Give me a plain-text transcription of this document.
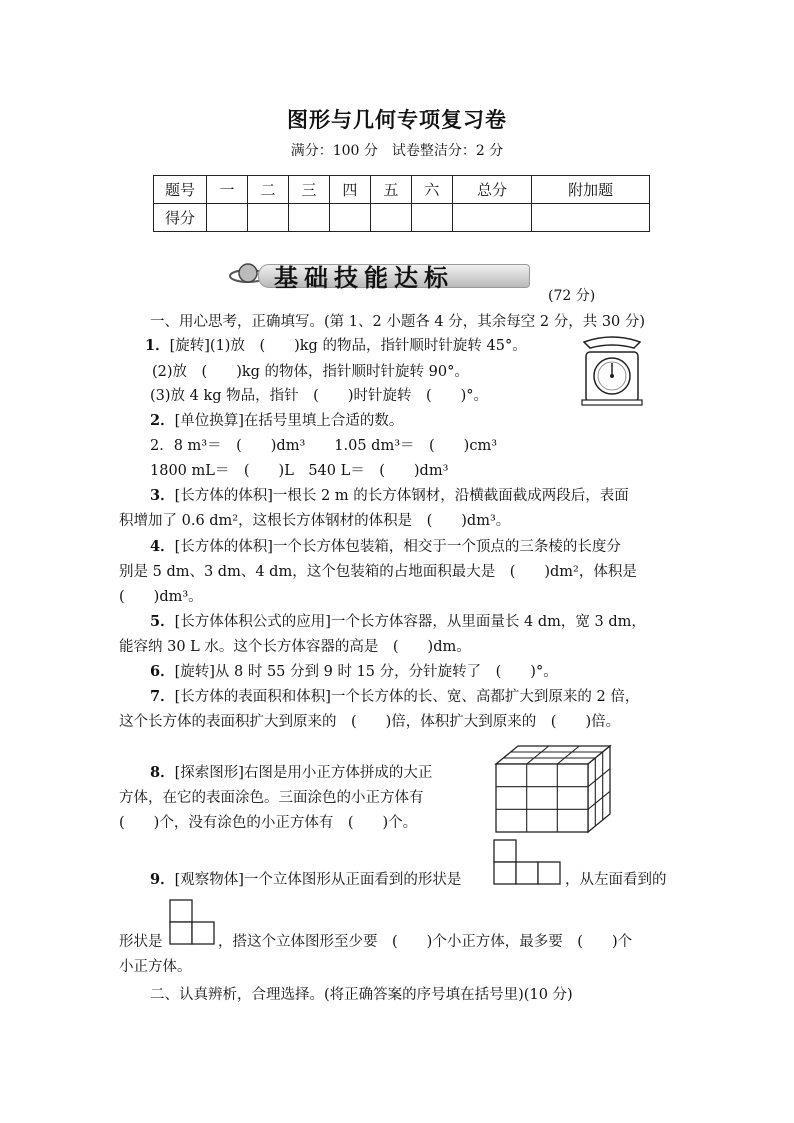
图形与几何专项复习卷
满分：100 分　试卷整洁分：2 分
题号	一	二	三	四	五	六	总分	附加题
得分								
基础技能达标
(72 分)
一、用心思考，正确填写。(第 1、2 小题各 4 分，其余每空 2 分，共 30 分)
1．[旋转](1)放　(　　)kg 的物品，指针顺时针旋转 45°。
(2)放　(　　)kg 的物体，指针顺时针旋转 90°。
(3)放 4 kg 物品，指针　(　　)时针旋转　(　　)°。
2．[单位换算]在括号里填上合适的数。
2．8 m³＝　(　　)dm³　　1.05 dm³＝　(　　)cm³
1800 mL＝　(　　)L　540 L＝　(　　)dm³
3．[长方体的体积]一根长 2 m 的长方体钢材，沿横截面截成两段后，表面
积增加了 0.6 dm²，这根长方体钢材的体积是　(　　)dm³。
4．[长方体的体积]一个长方体包装箱，相交于一个顶点的三条棱的长度分
别是 5 dm、3 dm、4 dm，这个包装箱的占地面积最大是　(　　)dm²，体积是
(　　)dm³。
5．[长方体体积公式的应用]一个长方体容器，从里面量长 4 dm，宽 3 dm，
能容纳 30 L 水。这个长方体容器的高是　(　　)dm。
6．[旋转]从 8 时 55 分到 9 时 15 分，分针旋转了　(　　)°。
7．[长方体的表面积和体积]一个长方体的长、宽、高都扩大到原来的 2 倍，
这个长方体的表面积扩大到原来的　(　　)倍，体积扩大到原来的　(　　)倍。
8．[探索图形]右图是用小正方体拼成的大正
方体，在它的表面涂色。三面涂色的小正方体有
(　　)个，没有涂色的小正方体有　(　　)个。
9．[观察物体]一个立体图形从正面看到的形状是	，从左面看到的
形状是	，搭这个立体图形至少要　(　　)个小正方体，最多要　(　　)个
小正方体。
二、认真辨析，合理选择。(将正确答案的序号填在括号里)(10 分)
